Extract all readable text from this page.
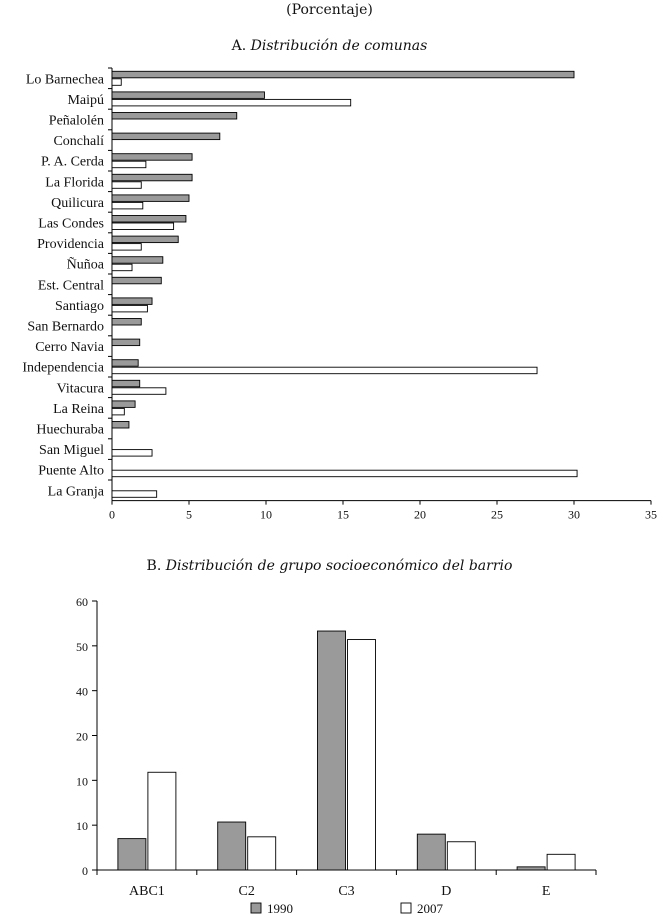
(Porcentaje)
A. Distribución de comunas
B. Distribución de grupo socioeconómico del barrio
0	5	10	15	20	25	30	35
Lo Barnechea
Maipú
Peñalolén
Conchalí
P. A. Cerda
La Florida
Quilicura
Las Condes
Providencia
Ñuñoa
Est. Central
Santiago
San Bernardo
Cerro Navia
Independencia
Vitacura
La Reina
Huechuraba
San Miguel
Puente Alto
La Granja
0
10
10
20
40
50
60
ABC1	C2	C3	D	E
1990	2007
